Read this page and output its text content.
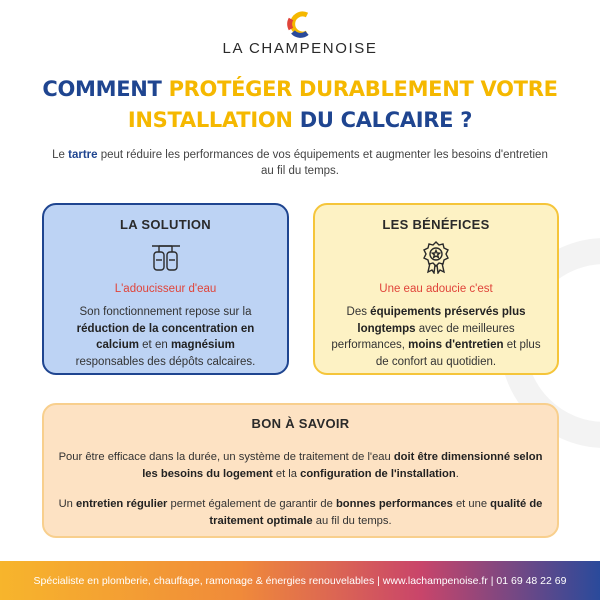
LA CHAMPENOISE
COMMENT PROTÉGER DURABLEMENT VOTRE
INSTALLATION DU CALCAIRE ?

Le tartre peut réduire les performances de vos équipements et augmenter les besoins d'entretien au fil du temps.

LA SOLUTION
L'adoucisseur d'eau

Son fonctionnement repose sur la réduction de la concentration en calcium et en magnésium responsables des dépôts calcaires.

LES BÉNÉFICES
Une eau adoucie c'est

Des équipements préservés plus longtemps avec de meilleures performances, moins d'entretien et plus de confort au quotidien.

BON À SAVOIR

Pour être efficace dans la durée, un système de traitement de l'eau doit être dimensionné selon les besoins du logement et la configuration de l'installation.

Un entretien régulier permet également de garantir de bonnes performances et une qualité de traitement optimale au fil du temps.

Spécialiste en plomberie, chauffage, ramonage & énergies renouvelables | www.lachampenoise.fr | 01 69 48 22 69
